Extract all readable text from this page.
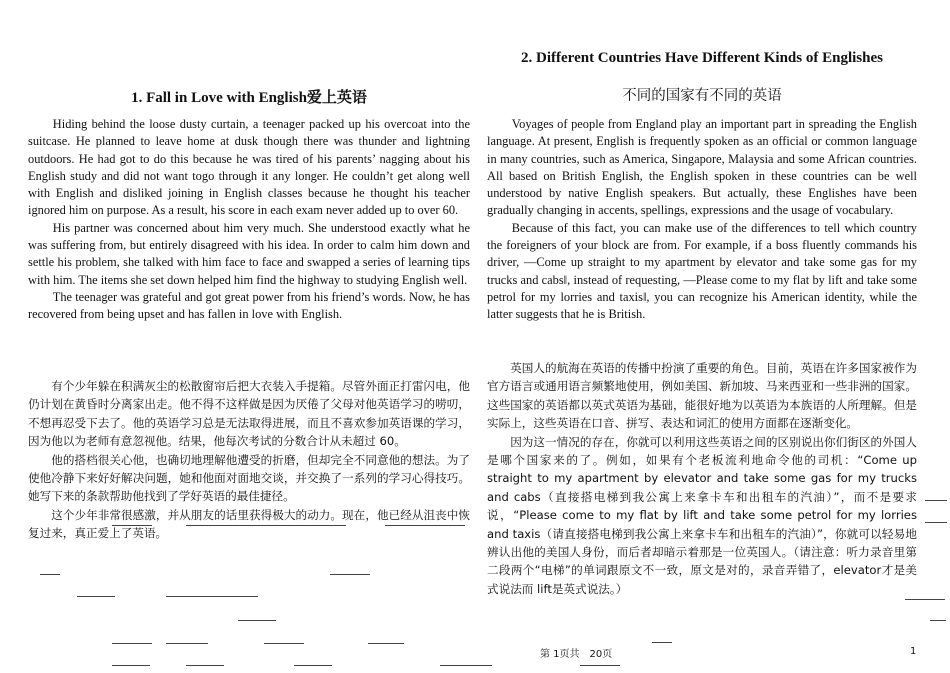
1. Fall in Love with English爱上英语

Hiding behind the loose dusty curtain, a teenager packed up his overcoat into the suitcase. He planned to leave home at dusk though there was thunder and lightning outdoors. He had got to do this because he was tired of his parents’ nagging about his English study and did not want togo through it any longer. He couldn’t get along well with English and disliked joining in English classes because he thought his teacher ignored him on purpose. As a result, his score in each exam never added up to over 60.

His partner was concerned about him very much. She understood exactly what he was suffering from, but entirely disagreed with his idea. In order to calm him down and settle his problem, she talked with him face to face and swapped a series of learning tips with him. The items she set down helped him find the highway to studying English well.

The teenager was grateful and got great power from his friend’s words. Now, he has recovered from being upset and has fallen in love with English.

有个少年躲在积满灰尘的松散窗帘后把大衣装入手提箱。尽管外面正打雷闪电，他仍计划在黄昏时分离家出走。他不得不这样做是因为厌倦了父母对他英语学习的唠叨，不想再忍受下去了。他的英语学习总是无法取得进展，而且不喜欢参加英语课的学习，因为他以为老师有意忽视他。结果，他每次考试的分数合计从未超过 60。

他的搭档很关心他，也确切地理解他遭受的折磨，但却完全不同意他的想法。为了使他冷静下来好好解决问题，她和他面对面地交谈，并交换了一系列的学习心得技巧。她写下来的条款帮助他找到了学好英语的最佳捷径。

这个少年非常很感激，并从朋友的话里获得极大的动力。现在，他已经从沮丧中恢复过来，真正爱上了英语。

2. Different Countries Have Different Kinds of Englishes
不同的国家有不同的英语

Voyages of people from England play an important part in spreading the English language. At present, English is frequently spoken as an official or common language in many countries, such as America, Singapore, Malaysia and some African countries. All based on British English, the English spoken in these countries can be well understood by native English speakers. But actually, these Englishes have been gradually changing in accents, spellings, expressions and the usage of vocabulary.

Because of this fact, you can make use of the differences to tell which country the foreigners of your block are from. For example, if a boss fluently commands his driver, ―Come up straight to my apartment by elevator and take some gas for my trucks and cabs‖, instead of requesting, ―Please come to my flat by lift and take some petrol for my lorries and taxis‖, you can recognize his American identity, while the latter suggests that he is British.

英国人的航海在英语的传播中扮演了重要的角色。目前，英语在许多国家被作为官方语言或通用语言频繁地使用，例如美国、新加坡、马来西亚和一些非洲的国家。这些国家的英语都以英式英语为基础，能很好地为以英语为本族语的人所理解。但是实际上，这些英语在口音、拼写、表达和词汇的使用方面都在逐渐变化。

因为这一情况的存在，你就可以利用这些英语之间的区别说出你们街区的外国人是哪个国家来的了。例如，如果有个老板流利地命令他的司机：“Come up straight to my apartment by elevator and take some gas for my trucks and cabs（直接搭电梯到我公寓上来拿卡车和出租车的汽油）”，而不是要求说，“Please come to my flat by lift and take some petrol for my lorries and taxis（请直接搭电梯到我公寓上来拿卡车和出租车的汽油）”，你就可以轻易地辨认出他的美国人身份，而后者却暗示着那是一位英国人。（请注意：听力录音里第二段两个“电梯”的单词跟原文不一致，原文是对的，录音弄错了，elevator才是美式说法而 lift是英式说法。）

第 1页共　20页	1
